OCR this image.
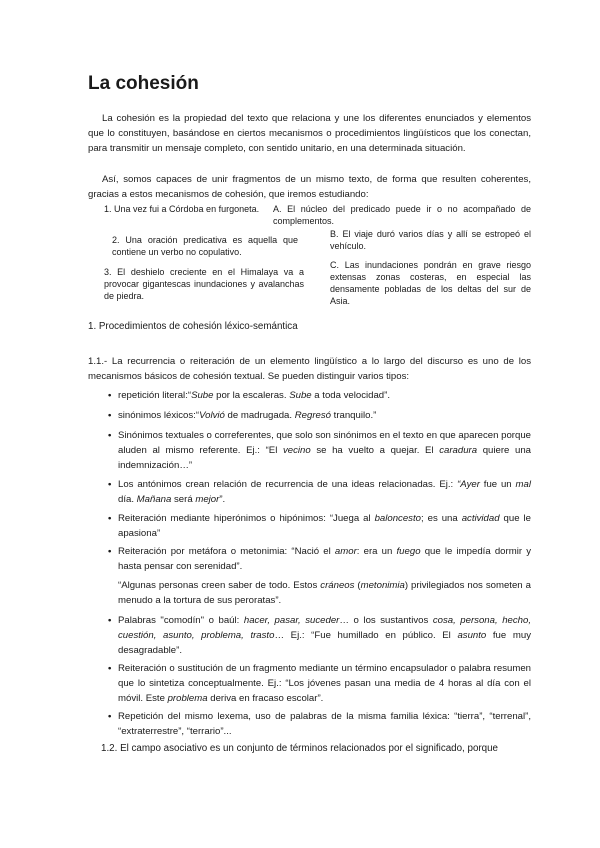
La cohesión

La cohesión es la propiedad del texto que relaciona y une los diferentes enunciados y elementos que lo constituyen, basándose en ciertos mecanismos o procedimientos lingüísticos que los conectan, para transmitir un mensaje completo, con sentido unitario, en una determinada situación.

Así, somos capaces de unir fragmentos de un mismo texto, de forma que resulten coherentes, gracias a estos mecanismos de cohesión, que iremos estudiando:

1. Una vez fui a Córdoba en furgoneta.

2. Una oración predicativa es aquella que contiene un verbo no copulativo.

3. El deshielo creciente en el Himalaya va a provocar gigantescas inundaciones y avalanchas de piedra.

A. El núcleo del predicado puede ir o no acompañado de complementos.

B. El viaje duró varios días y allí se estropeó el vehículo.

C. Las inundaciones pondrán en grave riesgo extensas zonas costeras, en especial las densamente pobladas de los deltas del sur de Asia.

1. Procedimientos de cohesión léxico-semántica

1.1.- La recurrencia o reiteración de un elemento lingüístico a lo largo del discurso es uno de los mecanismos básicos de cohesión textual. Se pueden distinguir varios tipos:

• repetición literal:“Sube por la escaleras. Sube a toda velocidad”.
• sinónimos léxicos:“Volvió de madrugada. Regresó tranquilo.”
• Sinónimos textuales o correferentes, que solo son sinónimos en el texto en que aparecen porque aluden al mismo referente. Ej.: “El vecino se ha vuelto a quejar. El caradura quiere una indemnización…”
• Los antónimos crean relación de recurrencia de una ideas relacionadas. Ej.: “Ayer fue un mal día. Mañana será mejor”.
• Reiteración mediante hiperónimos o hipónimos: “Juega al baloncesto; es una actividad que le apasiona”
• Reiteración por metáfora o metonimia: “Nació el amor: era un fuego que le impedía dormir y hasta pensar con serenidad”.
“Algunas personas creen saber de todo. Estos cráneos (metonimia) privilegiados nos someten a menudo a la tortura de sus peroratas”.
• Palabras "comodín" o baúl: hacer, pasar, suceder… o los sustantivos cosa, persona, hecho, cuestión, asunto, problema, trasto… Ej.: “Fue humillado en público. El asunto fue muy desagradable”.
• Reiteración o sustitución de un fragmento mediante un término encapsulador o palabra resumen que lo sintetiza conceptualmente. Ej.: “Los jóvenes pasan una media de 4 horas al día con el móvil. Este problema deriva en fracaso escolar”.
• Repetición del mismo lexema, uso de palabras de la misma familia léxica: “tierra”, “terrenal”, “extraterrestre”, “terrario”...

1.2. El campo asociativo es un conjunto de términos relacionados por el significado, porque
